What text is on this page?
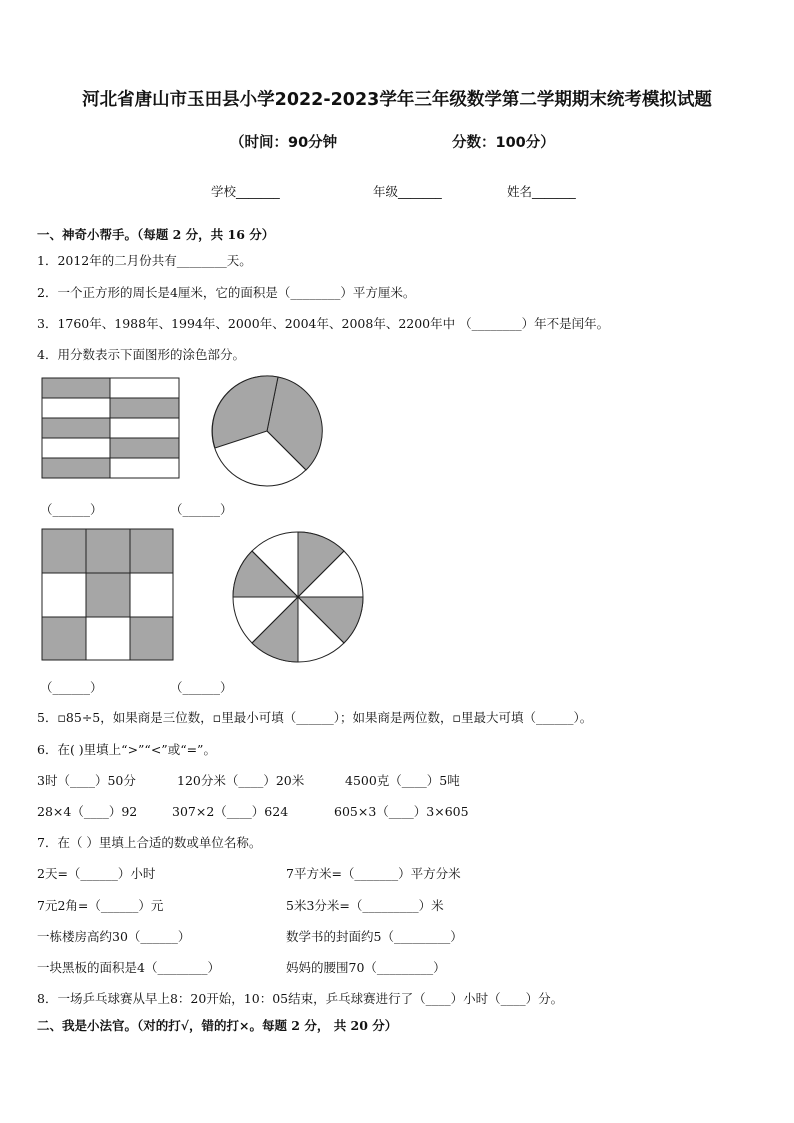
河北省唐山市玉田县小学2022-2023学年三年级数学第二学期期末统考模拟试题
（时间：90分钟	分数：100分）
学校_______	年级_______	姓名_______
一、神奇小帮手。（每题 2 分，共 16 分）
1．2012年的二月份共有________天。
2．一个正方形的周长是4厘米，它的面积是（________）平方厘米。
3．1760年、1988年、1994年、2000年、2004年、2008年、2200年中 （________）年不是闰年。
4．用分数表示下面图形的涂色部分。
（______）	（______）
（______）	（______）
5．▫85÷5，如果商是三位数，▫里最小可填（______）；如果商是两位数，▫里最大可填（______）。
6．在( )里填上“>”“<”或“=”。
3时（____）50分	120分米（____）20米	4500克（____）5吨
28×4（____）92	307×2（____）624	605×3（____）3×605
7．在（ ）里填上合适的数或单位名称。
2天=（______）小时	7平方米=（_______）平方分米
7元2角=（______）元	5米3分米=（_________）米
一栋楼房高约30（______）	数学书的封面约5（_________）
一块黑板的面积是4（________）	妈妈的腰围70（_________）
8．一场乒乓球赛从早上8：20开始，10：05结束，乒乓球赛进行了（____）小时（____）分。
二、我是小法官。（对的打√，错的打×。每题 2 分， 共 20 分）
